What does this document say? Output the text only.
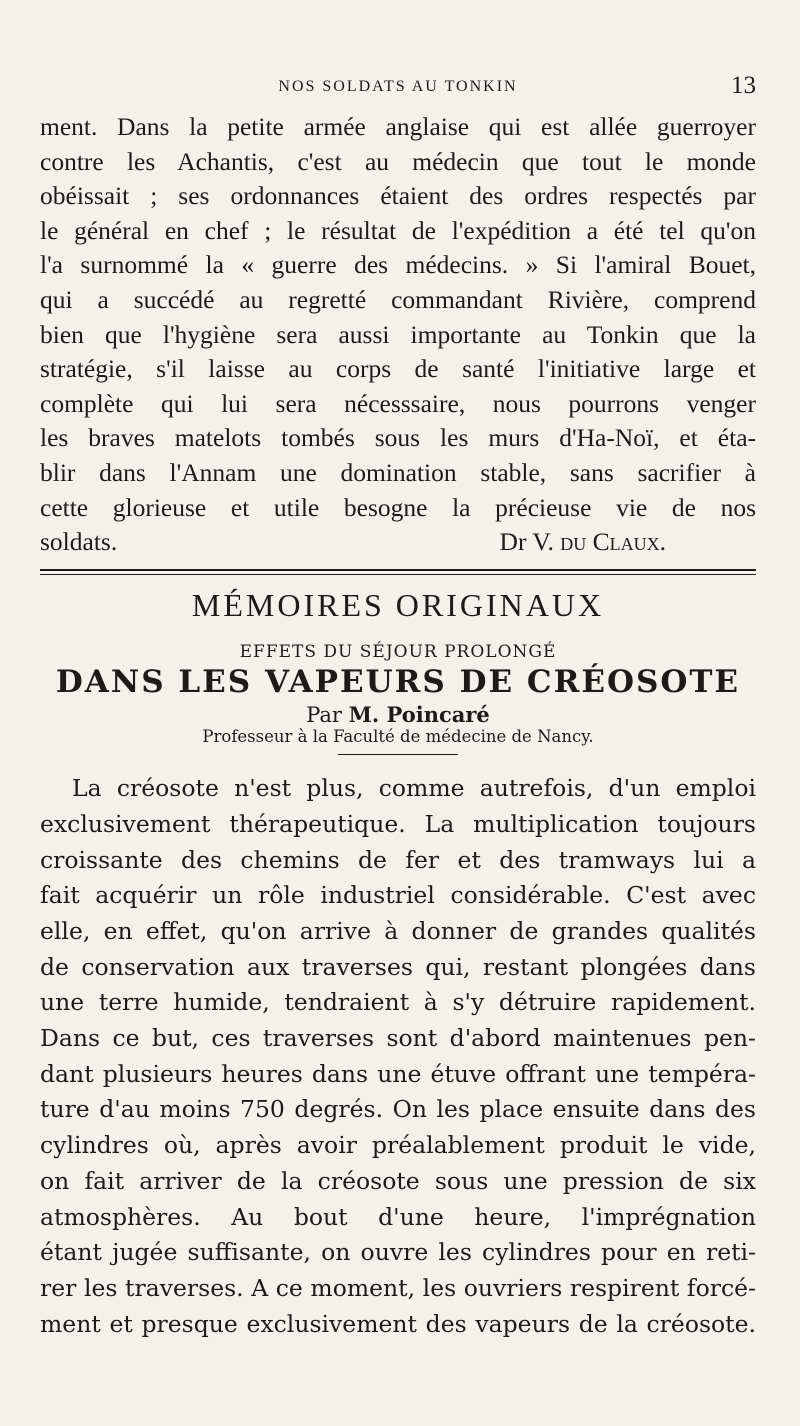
NOS SOLDATS AU TONKIN	13
ment. Dans la petite armée anglaise qui est allée guerroyer
contre les Achantis, c'est au médecin que tout le monde
obéissait ; ses ordonnances étaient des ordres respectés par
le général en chef ; le résultat de l'expédition a été tel qu'on
l'a surnommé la « guerre des médecins. » Si l'amiral Bouet,
qui a succédé au regretté commandant Rivière, comprend
bien que l'hygiène sera aussi importante au Tonkin que la
stratégie, s'il laisse au corps de santé l'initiative large et
complète qui lui sera nécesssaire, nous pourrons venger
les braves matelots tombés sous les murs d'Ha-Noï, et éta-
blir dans l'Annam une domination stable, sans sacrifier à
cette glorieuse et utile besogne la précieuse vie de nos
soldats.	Dr V. du Claux.
MÉMOIRES ORIGINAUX
EFFETS DU SÉJOUR PROLONGÉ
DANS LES VAPEURS DE CRÉOSOTE
Par M. Poincaré
Professeur à la Faculté de médecine de Nancy.
La créosote n'est plus, comme autrefois, d'un emploi
exclusivement thérapeutique. La multiplication toujours
croissante des chemins de fer et des tramways lui a
fait acquérir un rôle industriel considérable. C'est avec
elle, en effet, qu'on arrive à donner de grandes qualités
de conservation aux traverses qui, restant plongées dans
une terre humide, tendraient à s'y détruire rapidement.
Dans ce but, ces traverses sont d'abord maintenues pen-
dant plusieurs heures dans une étuve offrant une tempéra-
ture d'au moins 750 degrés. On les place ensuite dans des
cylindres où, après avoir préalablement produit le vide,
on fait arriver de la créosote sous une pression de six
atmosphères. Au bout d'une heure, l'imprégnation
étant jugée suffisante, on ouvre les cylindres pour en reti-
rer les traverses. A ce moment, les ouvriers respirent forcé-
ment et presque exclusivement des vapeurs de la créosote.
